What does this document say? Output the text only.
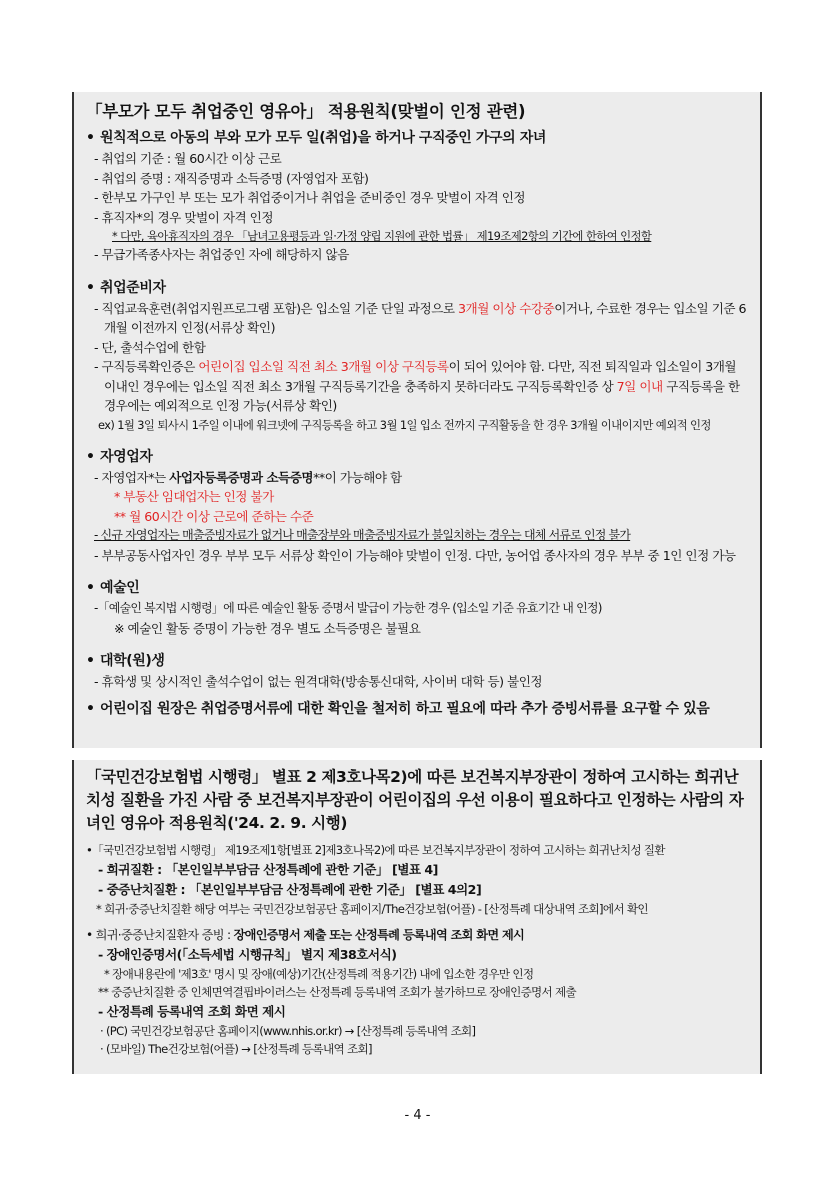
「부모가 모두 취업중인 영유아」 적용원칙(맞벌이 인정 관련)
• 원칙적으로 아동의 부와 모가 모두 일(취업)을 하거나 구직중인 가구의 자녀

- 취업의 기준 : 월 60시간 이상 근로

- 취업의 증명 : 재직증명과 소득증명 (자영업자 포함)

- 한부모 가구인 부 또는 모가 취업중이거나 취업을 준비중인 경우 맞벌이 자격 인정

- 휴직자*의 경우 맞벌이 자격 인정

* 다만, 육아휴직자의 경우 「남녀고용평등과 일·가정 양립 지원에 관한 법률」 제19조제2항의 기간에 한하여 인정함

- 무급가족종사자는 취업중인 자에 해당하지 않음

• 취업준비자

- 직업교육훈련(취업지원프로그램 포함)은 입소일 기준 단일 과정으로 3개월 이상 수강중이거나, 수료한 경우는 입소일 기준 6개월 이전까지 인정(서류상 확인)

- 단, 출석수업에 한함

- 구직등록확인증은 어린이집 입소일 직전 최소 3개월 이상 구직등록이 되어 있어야 함. 다만, 직전 퇴직일과 입소일이 3개월 이내인 경우에는 입소일 직전 최소 3개월 구직등록기간을 충족하지 못하더라도 구직등록확인증 상 7일 이내 구직등록을 한 경우에는 예외적으로 인정 가능(서류상 확인)

ex) 1월 3일 퇴사시 1주일 이내에 워크넷에 구직등록을 하고 3월 1일 입소 전까지 구직활동을 한 경우 3개월 이내이지만 예외적 인정

• 자영업자

- 자영업자*는 사업자등록증명과 소득증명**이 가능해야 함

* 부동산 임대업자는 인정 불가

** 월 60시간 이상 근로에 준하는 수준

- 신규 자영업자는 매출증빙자료가 없거나 매출장부와 매출증빙자료가 불일치하는 경우는 대체 서류로 인정 불가

- 부부공동사업자인 경우 부부 모두 서류상 확인이 가능해야 맞벌이 인정. 다만, 농어업 종사자의 경우 부부 중 1인 인정 가능

• 예술인

-「예술인 복지법 시행령」에 따른 예술인 활동 증명서 발급이 가능한 경우 (입소일 기준 유효기간 내 인정)

※ 예술인 활동 증명이 가능한 경우 별도 소득증명은 불필요

• 대학(원)생

- 휴학생 및 상시적인 출석수업이 없는 원격대학(방송통신대학, 사이버 대학 등) 불인정

• 어린이집 원장은 취업증명서류에 대한 확인을 철저히 하고 필요에 따라 추가 증빙서류를 요구할 수 있음
「국민건강보험법 시행령」 별표 2 제3호나목2)에 따른 보건복지부장관이 정하여 고시하는 희귀난치성 질환을 가진 사람 중 보건복지부장관이 어린이집의 우선 이용이 필요하다고 인정하는 사람의 자녀인 영유아 적용원칙('24. 2. 9. 시행)

•「국민건강보험법 시행령」 제19조제1항[별표 2]제3호나목2)에 따른 보건복지부장관이 정하여 고시하는 희귀난치성 질환

- 희귀질환 : 「본인일부부담금 산정특례에 관한 기준」 [별표 4]

- 중증난치질환 : 「본인일부부담금 산정특례에 관한 기준」 [별표 4의2]

* 희귀·중증난치질환 해당 여부는 국민건강보험공단 홈페이지/The건강보험(어플) - [산정특례 대상내역 조회]에서 확인

• 희귀·중증난치질환자 증빙 : 장애인증명서 제출 또는 산정특례 등록내역 조회 화면 제시

- 장애인증명서(「소득세법 시행규칙」 별지 제38호서식)

* 장애내용란에 '제3호' 명시 및 장애(예상)기간(산정특례 적용기간) 내에 입소한 경우만 인정

** 중증난치질환 중 인체면역결핍바이러스는 산정특례 등록내역 조회가 불가하므로 장애인증명서 제출

- 산정특례 등록내역 조회 화면 제시

· (PC) 국민건강보험공단 홈페이지(www.nhis.or.kr) → [산정특례 등록내역 조회]

· (모바일) The건강보험(어플) → [산정특례 등록내역 조회]

- 4 -
